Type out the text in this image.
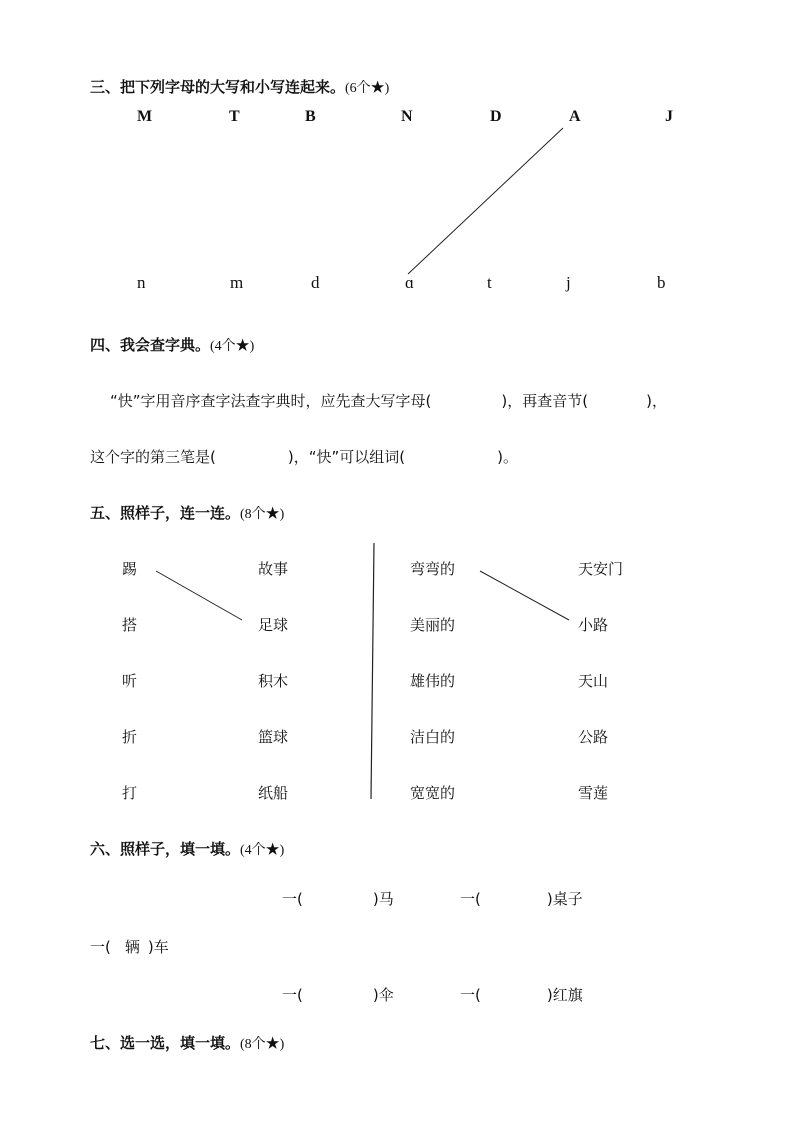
三、把下列字母的大写和小写连起来。(6个★)
M	T	B	N	D	A	J
n	m	d	ɑ	t	j	b
四、我会查字典。(4个★)
“快”字用音序查字法查字典时，应先查大写字母(	)，再查音节(	)，
这个字的第三笔是(	)，“快”可以组词(	)。
五、照样子，连一连。(8个★)
踢
搭
听
折
打
故事
足球
积木
篮球
纸船
弯弯的
美丽的
雄伟的
洁白的
宽宽的
天安门
小路
天山
公路
雪莲
六、照样子，填一填。(4个★)
一(	)马	一(	)桌子
一( 辆 )车
一(	)伞	一(	)红旗
七、选一选，填一填。(8个★)
